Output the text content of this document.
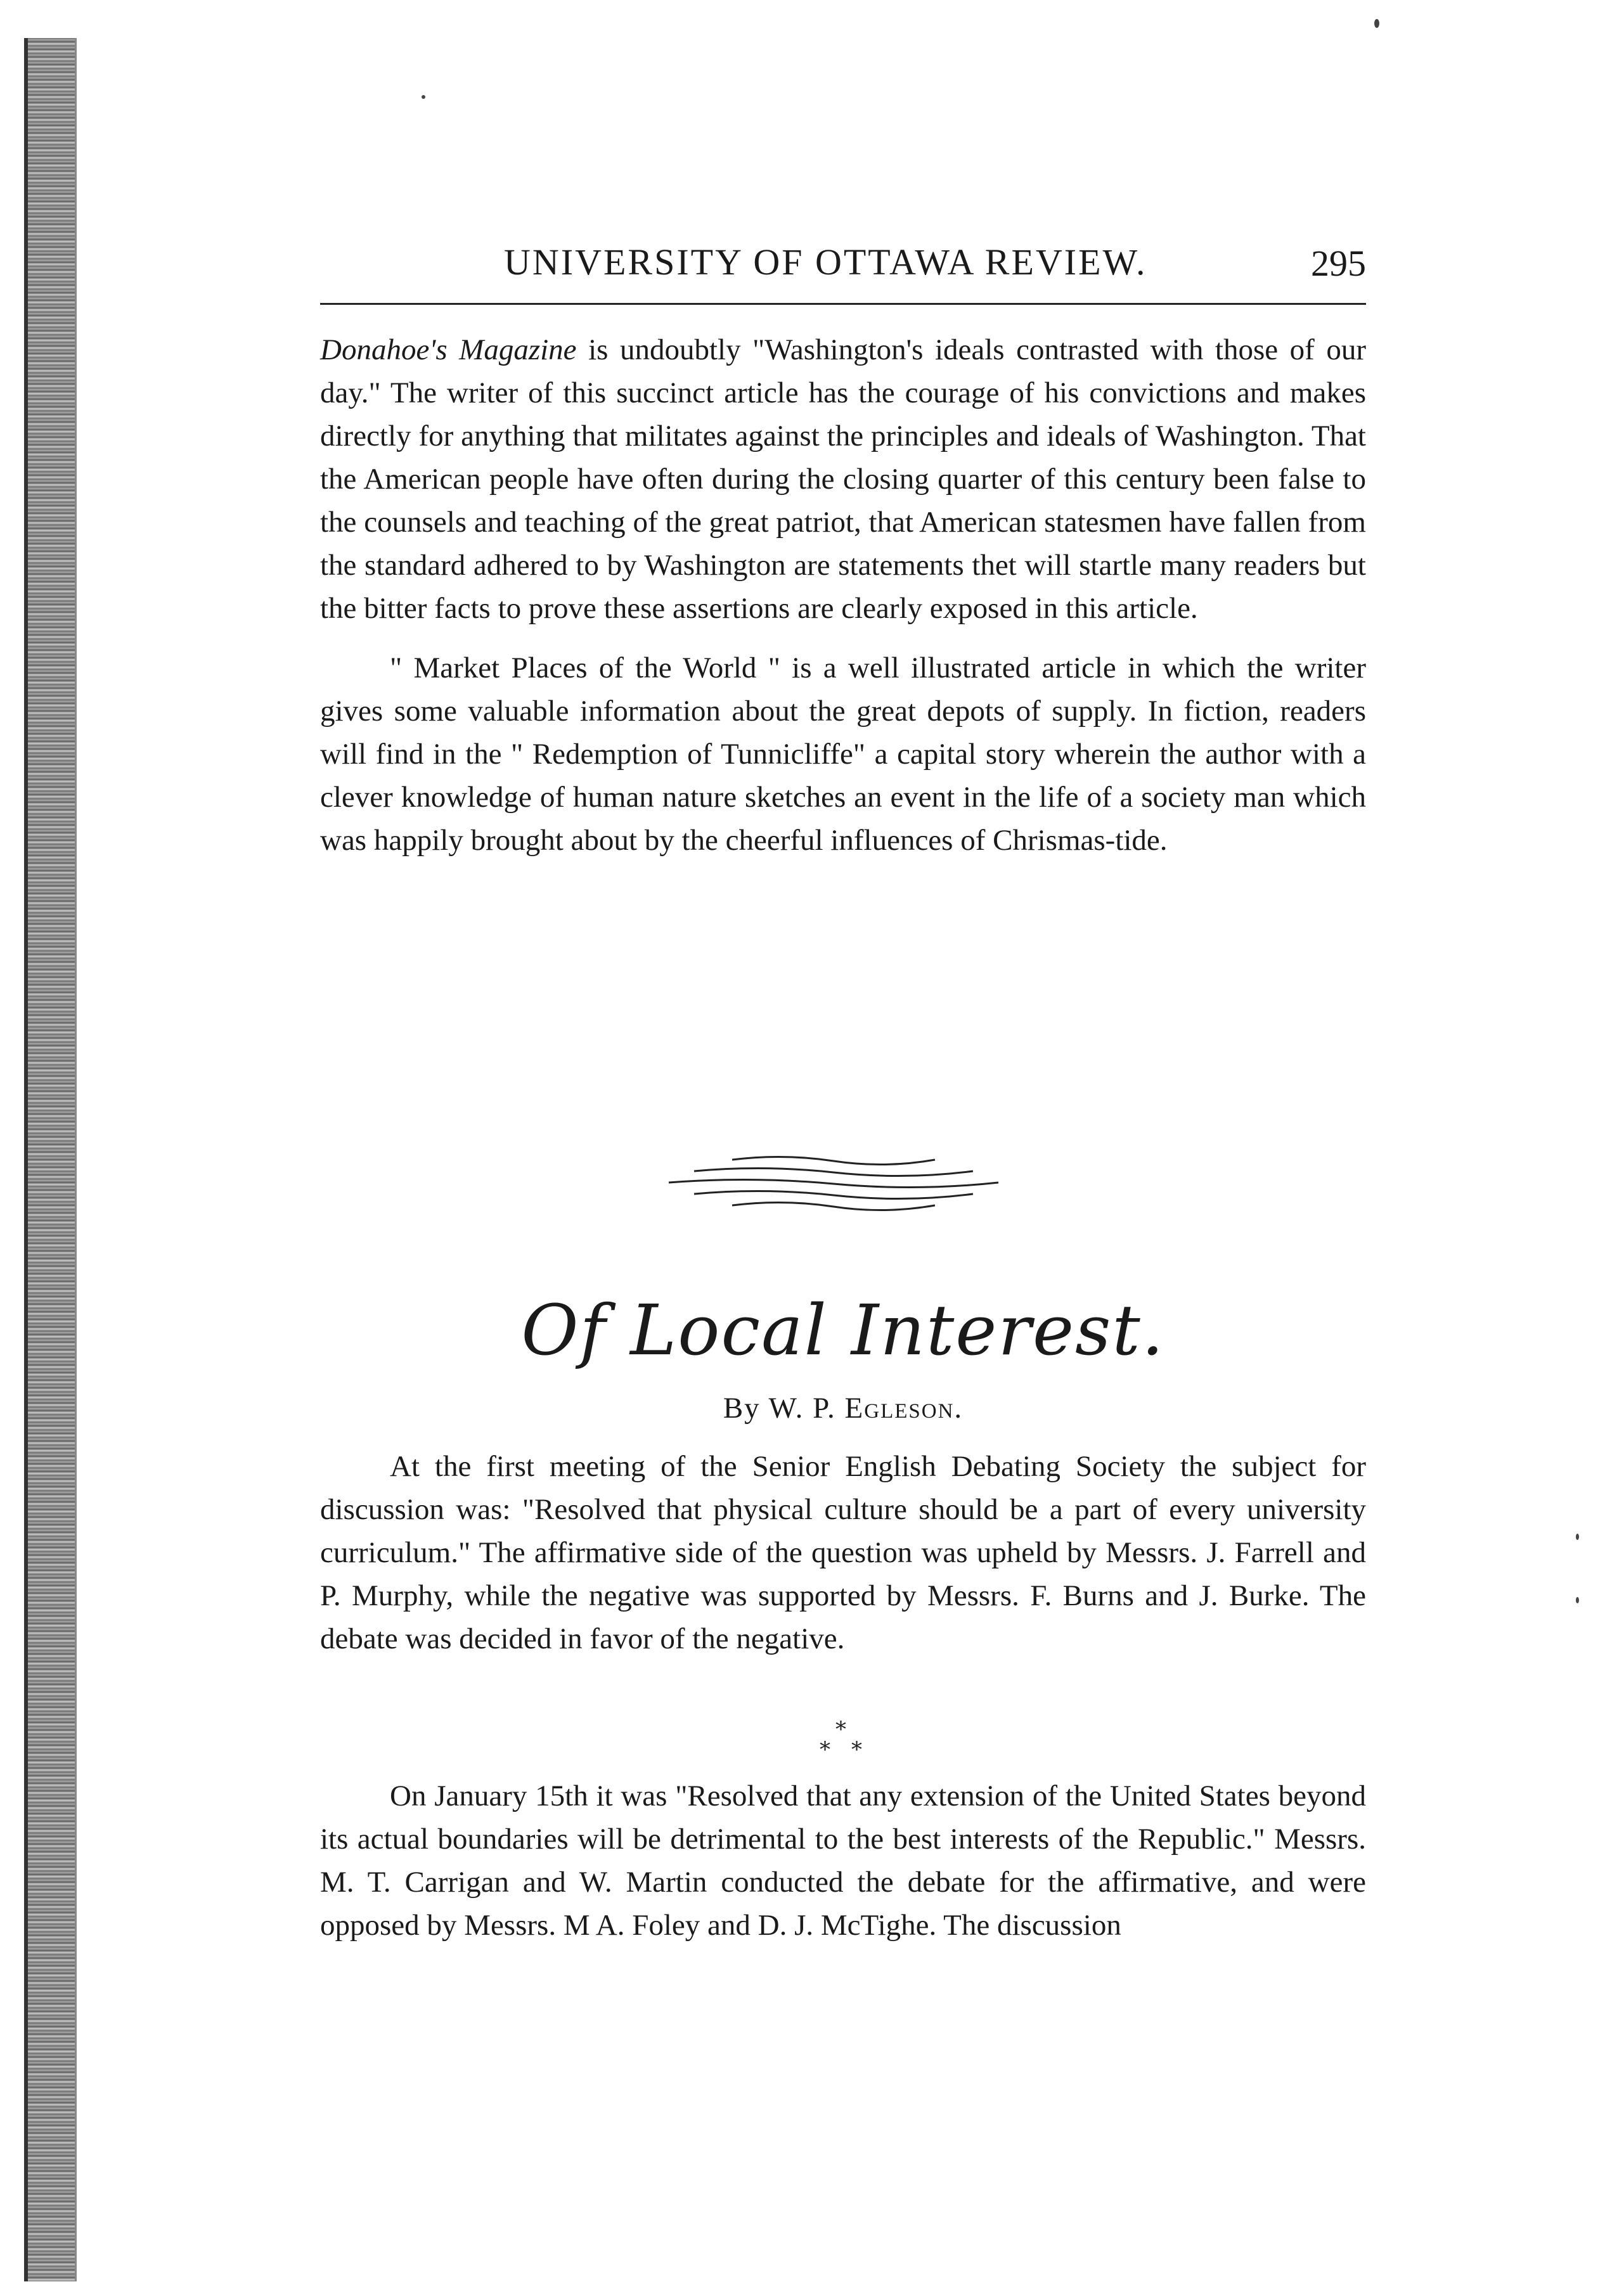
UNIVERSITY OF OTTAWA REVIEW.	295

Donahoe's Magazine is undoubtly "Washington's ideals contrasted with those of our day." The writer of this succinct article has the courage of his convictions and makes directly for anything that militates against the principles and ideals of Washington. That the American people have often during the closing quarter of this century been false to the counsels and teaching of the great patriot, that American statesmen have fallen from the standard adhered to by Washington are statements thet will startle many readers but the bitter facts to prove these assertions are clearly exposed in this article.

" Market Places of the World " is a well illustrated article in which the writer gives some valuable information about the great depots of supply. In fiction, readers will find in the " Redemption of Tunnicliffe" a capital story wherein the author with a clever knowledge of human nature sketches an event in the life of a society man which was happily brought about by the cheerful influences of Chrismas-tide.

Of Local Interest.
By W. P. Egleson.

At the first meeting of the Senior English Debating Society the subject for discussion was: "Resolved that physical culture should be a part of every university curriculum." The affirmative side of the question was upheld by Messrs. J. Farrell and P. Murphy, while the negative was supported by Messrs. F. Burns and J. Burke. The debate was decided in favor of the negative.

*
* *

On January 15th it was "Resolved that any extension of the United States beyond its actual boundaries will be detrimental to the best interests of the Republic." Messrs. M. T. Carrigan and W. Martin conducted the debate for the affirmative, and were opposed by Messrs. M A. Foley and D. J. McTighe. The discussion
